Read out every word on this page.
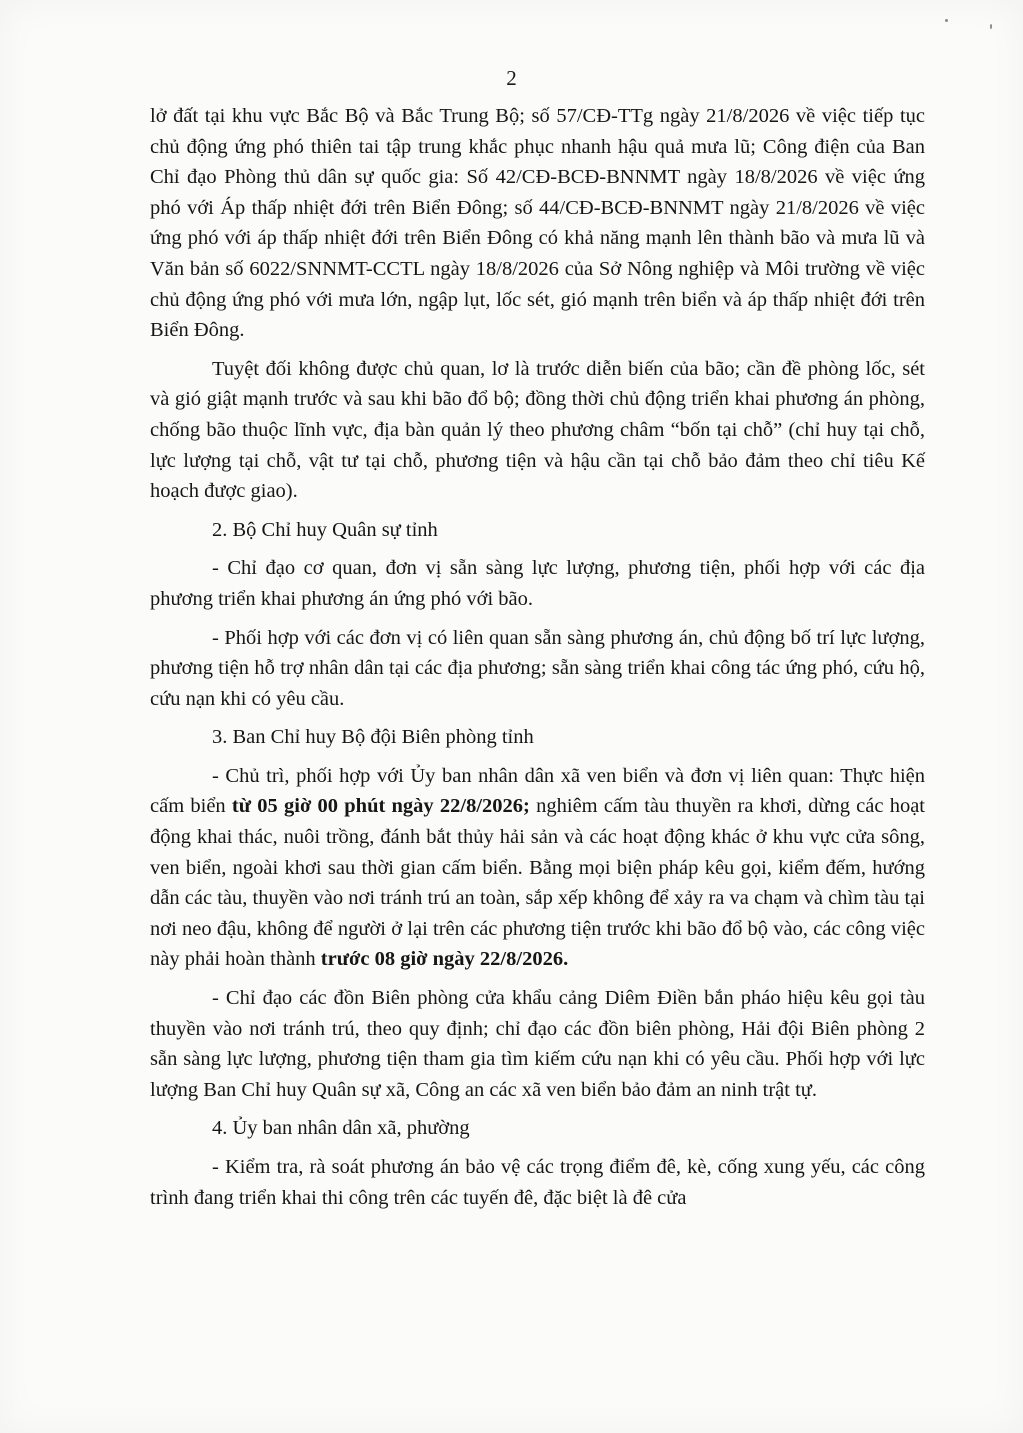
2

lở đất tại khu vực Bắc Bộ và Bắc Trung Bộ; số 57/CĐ-TTg ngày 21/8/2026 về việc tiếp tục chủ động ứng phó thiên tai tập trung khắc phục nhanh hậu quả mưa lũ; Công điện của Ban Chỉ đạo Phòng thủ dân sự quốc gia: Số 42/CĐ-BCĐ-BNNMT ngày 18/8/2026 về việc ứng phó với Áp thấp nhiệt đới trên Biển Đông; số 44/CĐ-BCĐ-BNNMT ngày 21/8/2026 về việc ứng phó với áp thấp nhiệt đới trên Biển Đông có khả năng mạnh lên thành bão và mưa lũ và Văn bản số 6022/SNNMT-CCTL ngày 18/8/2026 của Sở Nông nghiệp và Môi trường về việc chủ động ứng phó với mưa lớn, ngập lụt, lốc sét, gió mạnh trên biển và áp thấp nhiệt đới trên Biển Đông.

Tuyệt đối không được chủ quan, lơ là trước diễn biến của bão; cần đề phòng lốc, sét và gió giật mạnh trước và sau khi bão đổ bộ; đồng thời chủ động triển khai phương án phòng, chống bão thuộc lĩnh vực, địa bàn quản lý theo phương châm “bốn tại chỗ” (chỉ huy tại chỗ, lực lượng tại chỗ, vật tư tại chỗ, phương tiện và hậu cần tại chỗ bảo đảm theo chỉ tiêu Kế hoạch được giao).

2. Bộ Chỉ huy Quân sự tỉnh

- Chỉ đạo cơ quan, đơn vị sẵn sàng lực lượng, phương tiện, phối hợp với các địa phương triển khai phương án ứng phó với bão.

- Phối hợp với các đơn vị có liên quan sẵn sàng phương án, chủ động bố trí lực lượng, phương tiện hỗ trợ nhân dân tại các địa phương; sẵn sàng triển khai công tác ứng phó, cứu hộ, cứu nạn khi có yêu cầu.

3. Ban Chỉ huy Bộ đội Biên phòng tỉnh

- Chủ trì, phối hợp với Ủy ban nhân dân xã ven biển và đơn vị liên quan: Thực hiện cấm biển từ 05 giờ 00 phút ngày 22/8/2026; nghiêm cấm tàu thuyền ra khơi, dừng các hoạt động khai thác, nuôi trồng, đánh bắt thủy hải sản và các hoạt động khác ở khu vực cửa sông, ven biển, ngoài khơi sau thời gian cấm biển. Bằng mọi biện pháp kêu gọi, kiểm đếm, hướng dẫn các tàu, thuyền vào nơi tránh trú an toàn, sắp xếp không để xảy ra va chạm và chìm tàu tại nơi neo đậu, không để người ở lại trên các phương tiện trước khi bão đổ bộ vào, các công việc này phải hoàn thành trước 08 giờ ngày 22/8/2026.

- Chỉ đạo các đồn Biên phòng cửa khẩu cảng Diêm Điền bắn pháo hiệu kêu gọi tàu thuyền vào nơi tránh trú, theo quy định; chỉ đạo các đồn biên phòng, Hải đội Biên phòng 2 sẵn sàng lực lượng, phương tiện tham gia tìm kiếm cứu nạn khi có yêu cầu. Phối hợp với lực lượng Ban Chỉ huy Quân sự xã, Công an các xã ven biển bảo đảm an ninh trật tự.

4. Ủy ban nhân dân xã, phường

- Kiểm tra, rà soát phương án bảo vệ các trọng điểm đê, kè, cống xung yếu, các công trình đang triển khai thi công trên các tuyến đê, đặc biệt là đê cửa
